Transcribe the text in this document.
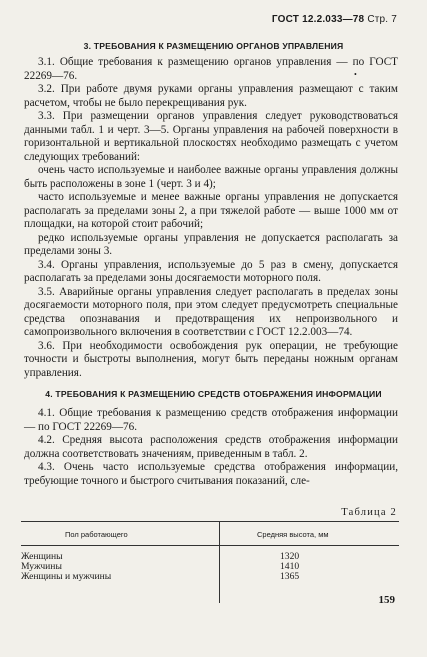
ГОСТ 12.2.033—78 Стр. 7
3. ТРЕБОВАНИЯ К РАЗМЕЩЕНИЮ ОРГАНОВ УПРАВЛЕНИЯ

3.1. Общие требования к размещению органов управления — по ГОСТ 22269—76.

3.2. При работе двумя руками органы управления размещают с таким расчетом, чтобы не было перекрещивания рук.

3.3. При размещении органов управления следует руководствоваться данными табл. 1 и черт. 3—5. Органы управления на рабочей поверхности в горизонтальной и вертикальной плоскостях необходимо размещать с учетом следующих требований:

очень часто используемые и наиболее важные органы управления должны быть расположены в зоне 1 (черт. 3 и 4);

часто используемые и менее важные органы управления не допускается располагать за пределами зоны 2, а при тяжелой работе — выше 1000 мм от площадки, на которой стоит рабочий;

редко используемые органы управления не допускается располагать за пределами зоны 3.

3.4. Органы управления, используемые до 5 раз в смену, допускается располагать за пределами зоны досягаемости моторного поля.

3.5. Аварийные органы управления следует располагать в пределах зоны досягаемости моторного поля, при этом следует предусмотреть специальные средства опознавания и предотвращения их непроизвольного и самопроизвольного включения в соответствии с ГОСТ 12.2.003—74.

3.6. При необходимости освобождения рук операции, не требующие точности и быстроты выполнения, могут быть переданы ножным органам управления.

•
4. ТРЕБОВАНИЯ К РАЗМЕЩЕНИЮ СРЕДСТВ ОТОБРАЖЕНИЯ ИНФОРМАЦИИ

4.1. Общие требования к размещению средств отображения информации — по ГОСТ 22269—76.

4.2. Средняя высота расположения средств отображения информации должна соответствовать значениям, приведенным в табл. 2.

4.3. Очень часто используемые средства отображения информации, требующие точного и быстрого считывания показаний, сле-

Таблица 2
Пол работающего	Средняя высота, мм
Женщины	1320
Мужчины	1410
Женщины и мужчины	1365
159
